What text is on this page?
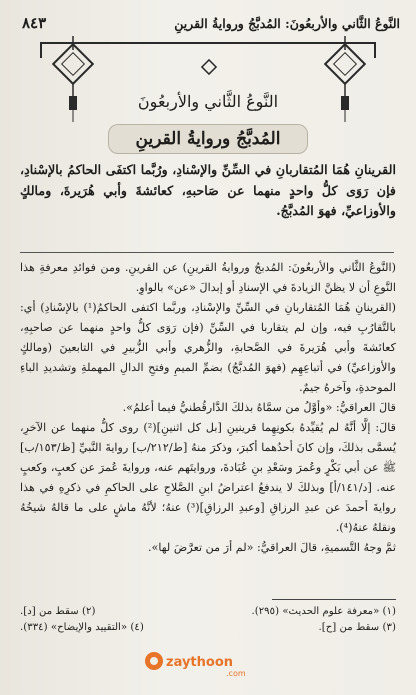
النَّوعُ الثَّاني والأربعُونَ: المُدبَّجُ وروايةُ القرينِ
٨٤٣
النَّوعُ الثَّاني والأربعُونَ
المُدبَّجُ وروايةُ القرينِ
القرينانِ هُمَا المُتقاربانِ في السِّنِّ والإسْنادِ، ورُبَّما اكتفَى الحاكمُ بالإسْنادِ، فإن رَوَى كلُّ واحدٍ منهما عن صَاحبهِ، كعائشةَ وأبي هُرَيرةَ، ومالكٍ والأوزاعيِّ، فهوَ المُدبَّجُ.
(النَّوعُ الثَّاني والأربعُونَ: المُدبجُ وروايةُ القرينِ) عن القرينِ. ومن فوائدِ معرفةِ هذا النَّوعِ أن لا يظنَّ الزيادةَ في الإسنادِ أو إبدالَ «عن» بالواوِ.
(القرينانِ هُمَا المُتقاربانِ في السِّنِّ والإسْنادِ، وربَّما اكتفى الحاكمُ(¹) بالإسْنادِ) أي: بالتَّقارُبِ فيه، وإن لم يتقاربا في السِّنِّ (فإن رَوَى كلُّ واحدٍ منهما عن صاحبِهِ، كعائشةَ وأبي هُرَيرةَ في الصَّحابةِ، والزُّهري وأبي الزُّبيرِ في التابعينَ (ومالكٍ والأوزاعيِّ) في أتباعِهِم (فهوَ المُدبَّجُ) بضمِّ الميمِ وفتحِ الدالِ المهملةِ وتشديدِ الباءِ الموحدةِ، وآخرهُ جيمٌ.
قالَ العراقيُّ: «وأوَّلُ من سمَّاهُ بذلكَ الدَّارقُطنيُّ فيما أعلمُ».
قالَ: إلَّا أنَّهُ لم يُقيِّدهُ بكونِهِما قرينينِ [بل كل اثنينِ](²) روى كلُّ منهما عن الآخرِ، يُسمَّى بذلكَ، وإن كانَ أحدُهما أكبرَ، وذكرَ منهُ [ط/٢١٢/ب] روايةَ النَّبيِّ [ظ/١٥٣/ب] ﷺ عن أبي بَكْرٍ وعُمرَ وسَعْدِ بنِ عُبَادةَ، وروايتَهم عنه، وروايةَ عُمرَ عن كعبٍ، وكعبٍ عنه. [د/١٤١/أ] وبذلكَ لا يندفعُ اعتراضُ ابنِ الصَّلاحِ على الحاكمِ في ذكرِهِ في هذا روايةَ أحمدَ عن عبدِ الرزاقِ [وعبدِ الرزاقِ](³) عنهُ؛ لأنَّهُ ماشٍ على ما قالهُ شيخُهُ ونقلهُ عنهُ(⁴).
ثمَّ وجهُ التَّسميةِ، قالَ العراقيُّ: «لم أرَ من تعرَّضَ لها».
(١) «معرفة علوم الحديث» (٢٩٥).
(٢) سقط من [د].
(٣) سقط من [ح].
(٤) «التقييد والإيضاح» (٣٣٤).
zaythoon
.com
